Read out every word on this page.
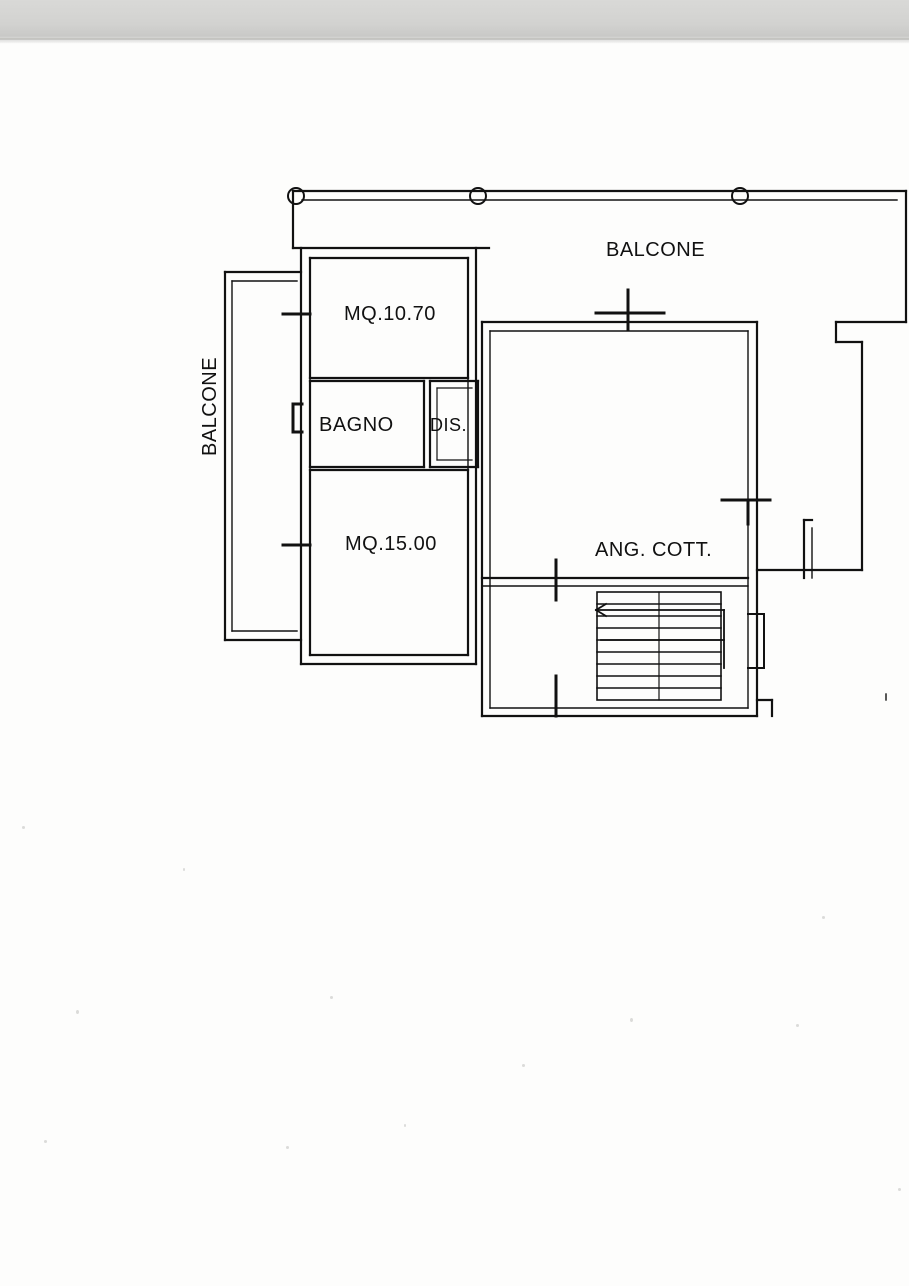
BALCONE
MQ.10.70
BAGNO DIS.
MQ.15.00	ANG. COTT.
BALCONE
